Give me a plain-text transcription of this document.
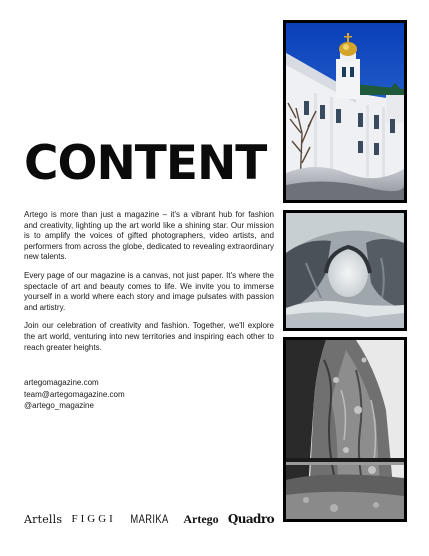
CONTENT

Artego is more than just a magazine – it's a vibrant hub for fashion and creativity, lighting up the art world like a shining star. Our mission is to amplify the voices of gifted photographers, video artists, and performers from across the globe, dedicated to revealing extraordinary new talents.

Every page of our magazine is a canvas, not just paper. It's where the spectacle of art and beauty comes to life. We invite you to immerse yourself in a world where each story and image pulsates with passion and artistry.

Join our celebration of creativity and fashion. Together, we'll explore the art world, venturing into new territories and inspiring each other to reach greater heights.

artegomagazine.com
team@artegomagazine.com
@artego_magazine
Artells FIGGI MARIKA Artego Quadro
